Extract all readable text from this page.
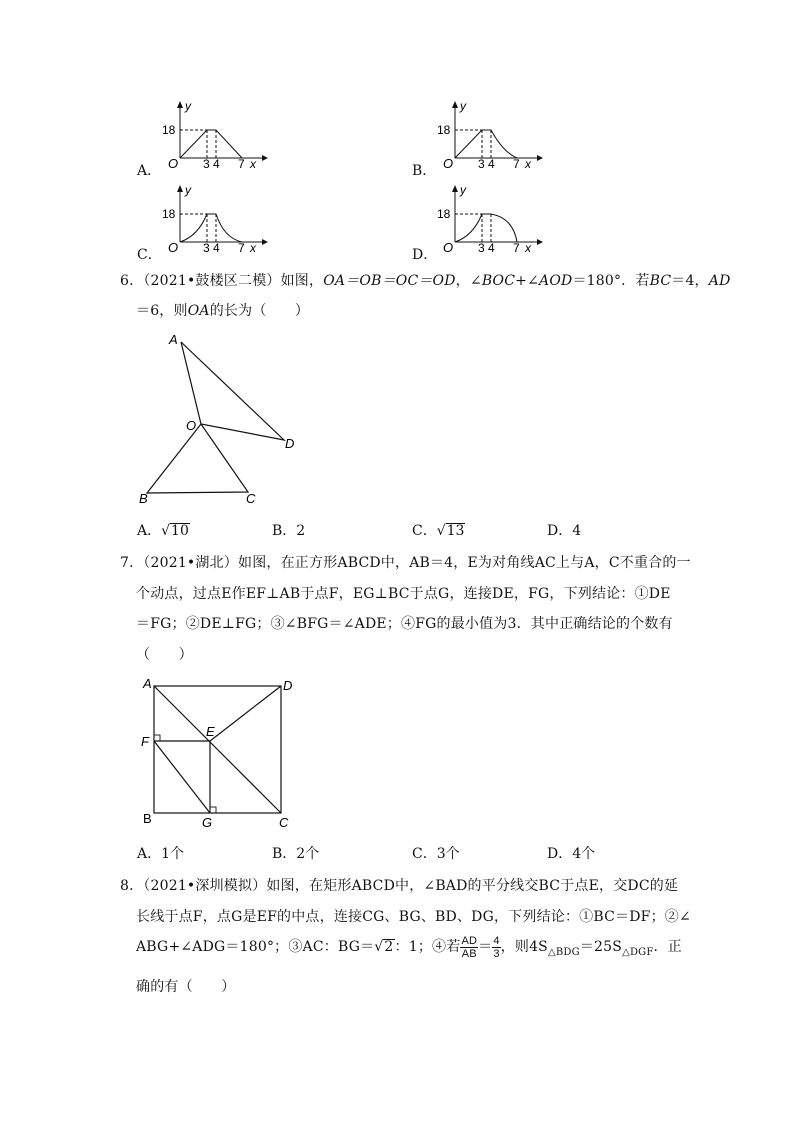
A．
y
18
O 3 4 7 x	B．
y
18
O 3 4 7 x
C．
y
18
O 3 4 7 x	D．
y
18
O 3 4 7 x
6．（2021•鼓楼区二模）如图，OA＝OB＝OC＝OD，∠BOC+∠AOD＝180°．若BC＝4，AD
＝6，则OA的长为（　　）
A
O
D
B	C
A．√10	B．2	C．√13	D．4
7．（2021•湖北）如图，在正方形ABCD中，AB＝4，E为对角线AC上与A，C不重合的一
个动点，过点E作EF⊥AB于点F，EG⊥BC于点G，连接DE，FG，下列结论：①DE
＝FG；②DE⊥FG；③∠BFG＝∠ADE；④FG的最小值为3．其中正确结论的个数有
（　　）
A	D
E
F
B	G	C
A．1个	B．2个	C．3个	D．4个
8．（2021•深圳模拟）如图，在矩形ABCD中，∠BAD的平分线交BC于点E，交DC的延
长线于点F，点G是EF的中点，连接CG、BG、BD、DG，下列结论：①BC＝DF；②∠
ABG+∠ADG＝180°；③AC：BG＝√2：1；④若 $\frac{AD}{AB} = \frac{4}{3}$ ，则$4S_{\triangle BDG}=25S_{\triangle DGF}$．正
确的有（　　）
